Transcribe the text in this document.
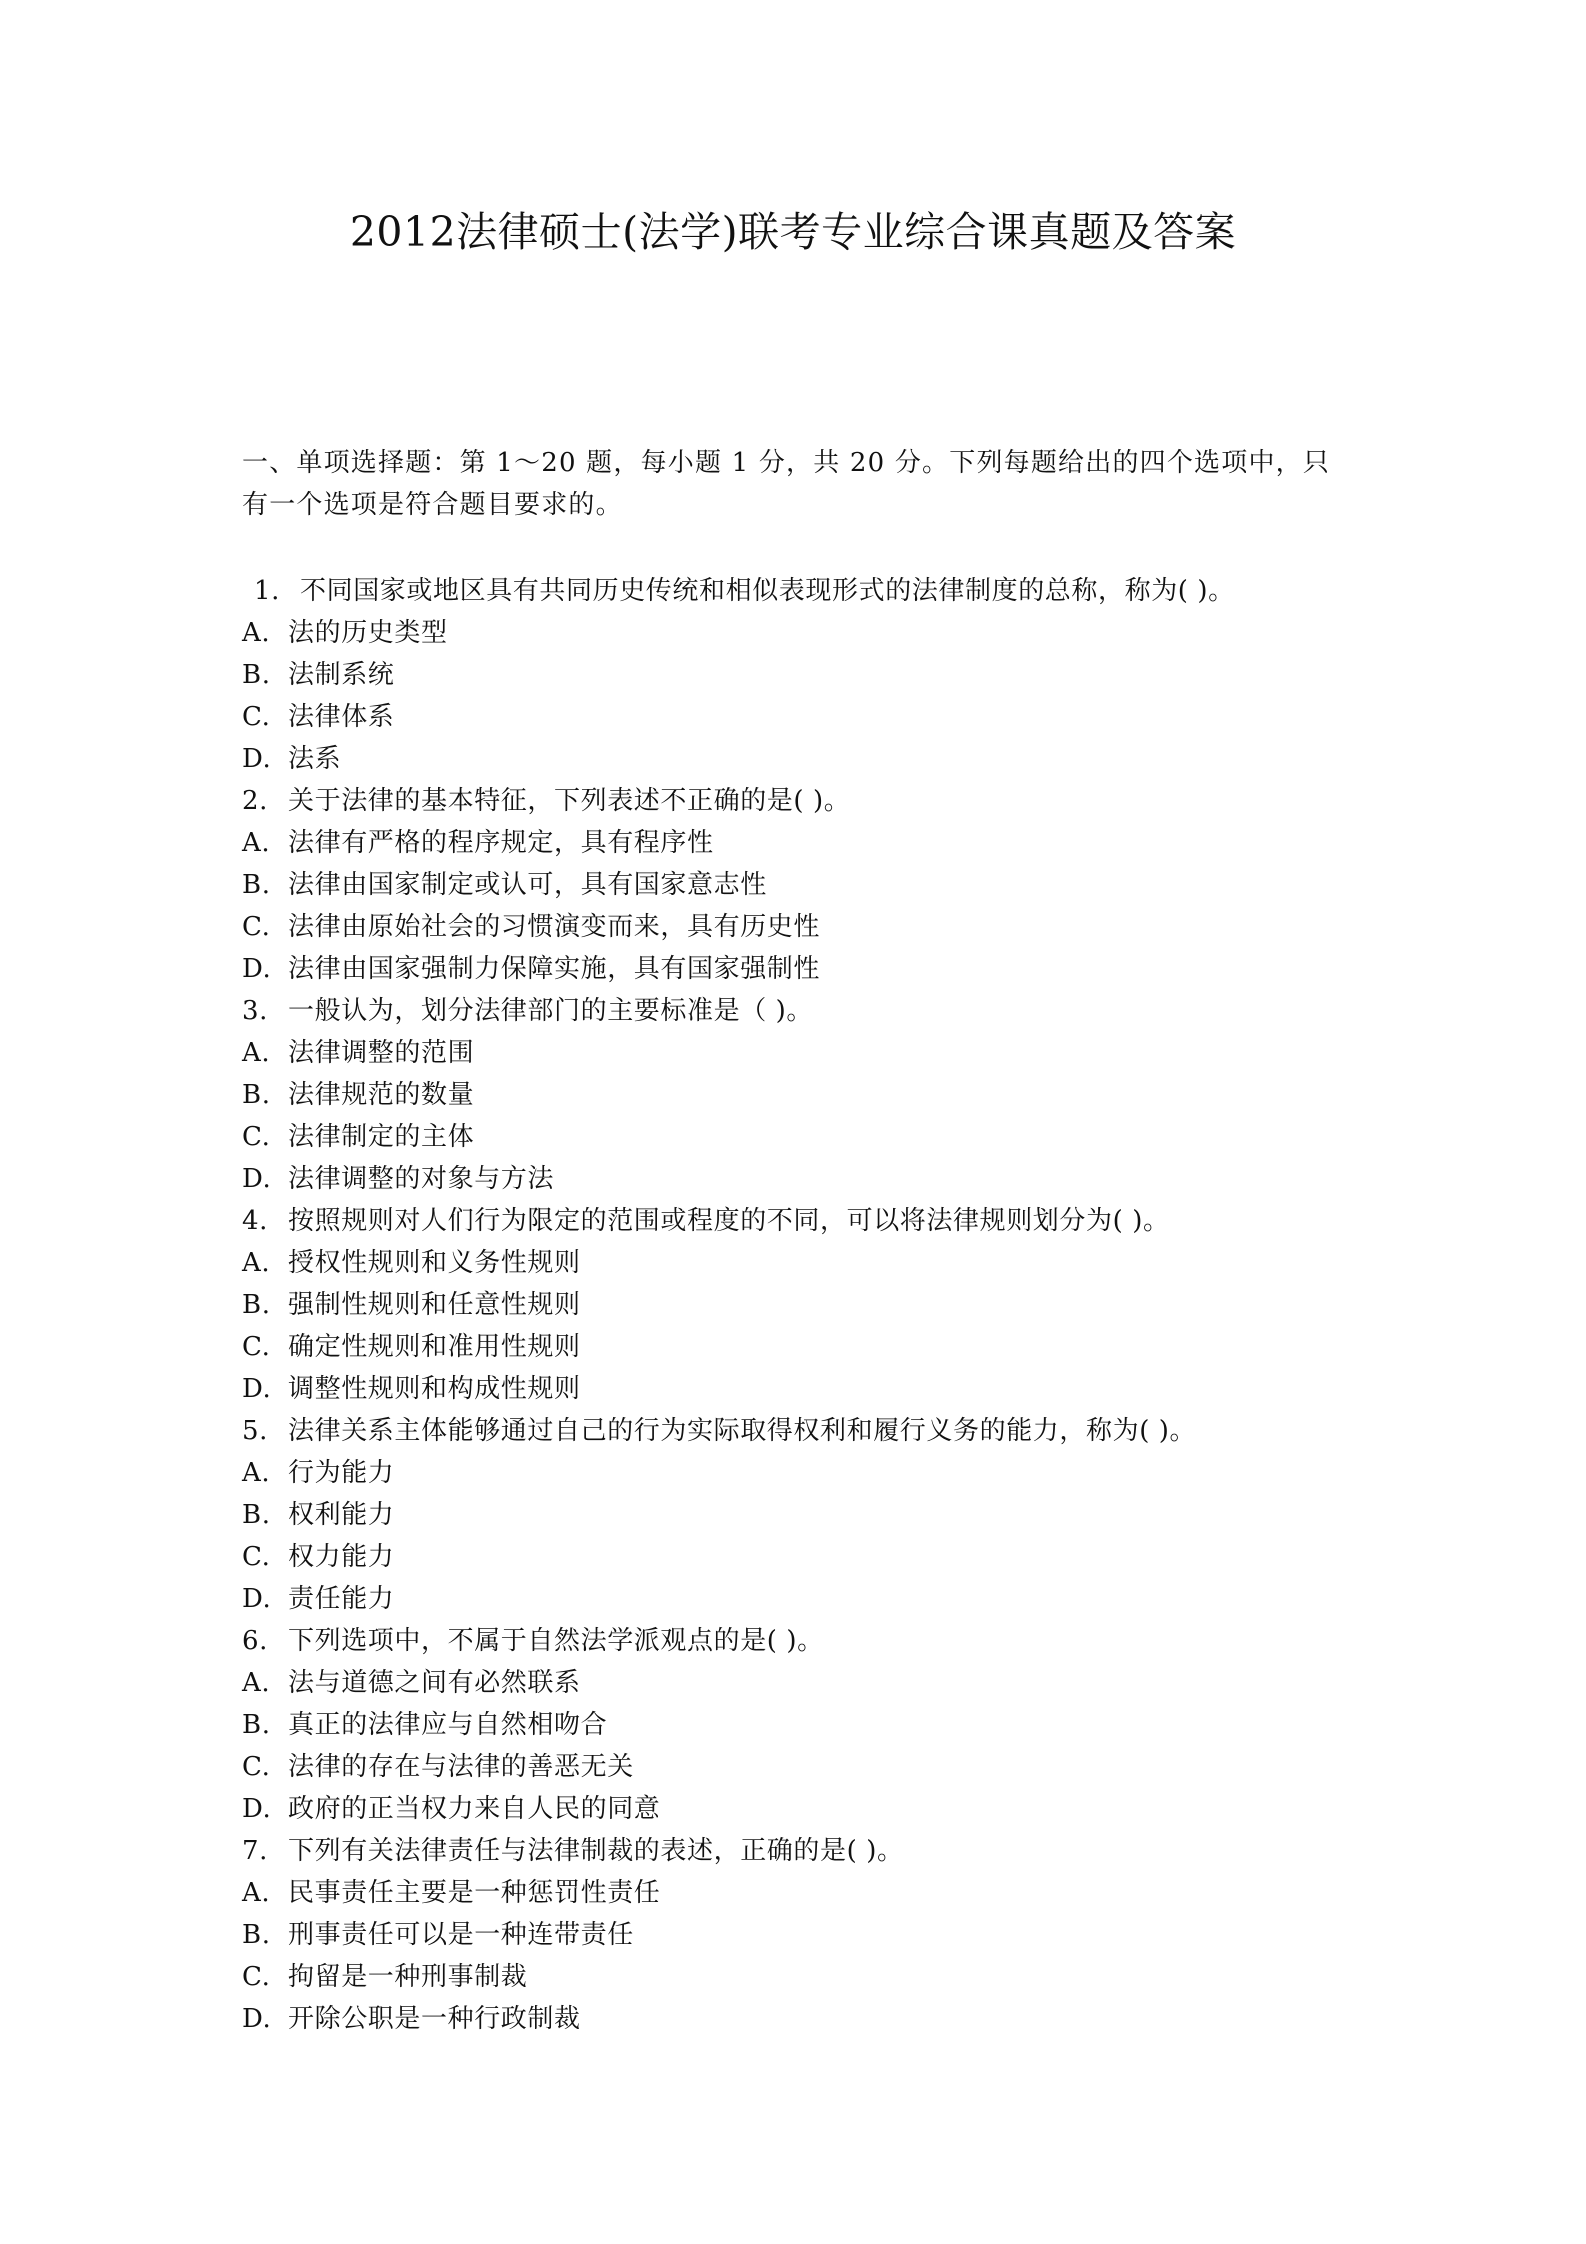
2012法律硕士(法学)联考专业综合课真题及答案

一、单项选择题：第 1～20 题，每小题 1 分，共 20 分。下列每题给出的四个选项中，只有一个选项是符合题目要求的。

1. 不同国家或地区具有共同历史传统和相似表现形式的法律制度的总称，称为( )。

A. 法的历史类型

B. 法制系统

C. 法律体系

D. 法系

2. 关于法律的基本特征，下列表述不正确的是( )。

A. 法律有严格的程序规定，具有程序性

B. 法律由国家制定或认可，具有国家意志性

C. 法律由原始社会的习惯演变而来，具有历史性

D. 法律由国家强制力保障实施，具有国家强制性

3. 一般认为，划分法律部门的主要标准是（ )。

A. 法律调整的范围

B. 法律规范的数量

C. 法律制定的主体

D. 法律调整的对象与方法

4. 按照规则对人们行为限定的范围或程度的不同，可以将法律规则划分为( )。

A. 授权性规则和义务性规则

B. 强制性规则和任意性规则

C. 确定性规则和准用性规则

D. 调整性规则和构成性规则

5. 法律关系主体能够通过自己的行为实际取得权利和履行义务的能力，称为( )。

A. 行为能力

B. 权利能力

C. 权力能力

D. 责任能力

6. 下列选项中，不属于自然法学派观点的是( )。

A. 法与道德之间有必然联系

B. 真正的法律应与自然相吻合

C. 法律的存在与法律的善恶无关

D. 政府的正当权力来自人民的同意

7. 下列有关法律责任与法律制裁的表述，正确的是( )。

A. 民事责任主要是一种惩罚性责任

B. 刑事责任可以是一种连带责任

C. 拘留是一种刑事制裁

D. 开除公职是一种行政制裁
